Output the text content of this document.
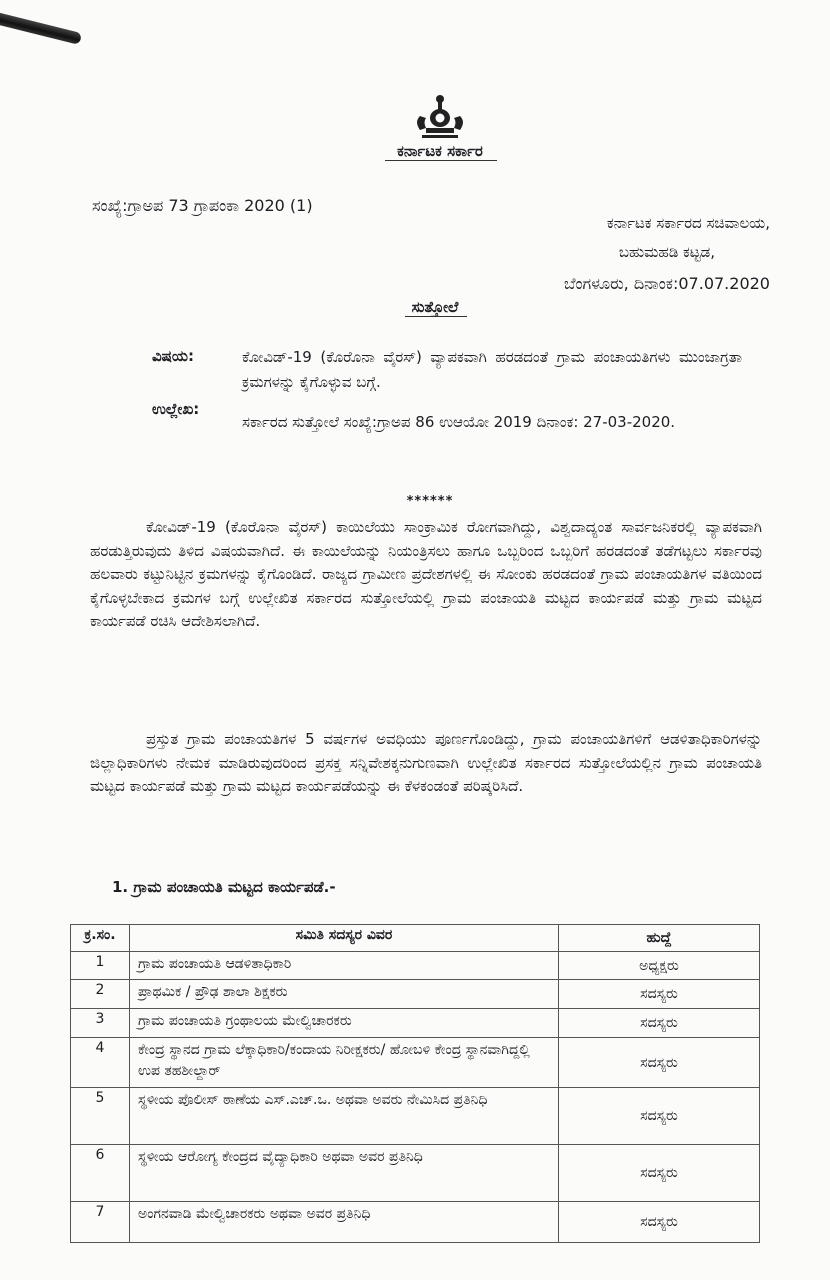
ಕರ್ನಾಟಕ ಸರ್ಕಾರ
ಸಂಖ್ಯೆ:ಗ್ರಾಅಪ 73 ಗ್ರಾಪಂಕಾ 2020 (1)
ಕರ್ನಾಟಕ ಸರ್ಕಾರದ ಸಚಿವಾಲಯ,
ಬಹುಮಹಡಿ ಕಟ್ಟಡ,
ಬೆಂಗಳೂರು, ದಿನಾಂಕ:07.07.2020
ಸುತ್ತೋಲೆ
ವಿಷಯ:	ಕೋವಿಡ್-19 (ಕೊರೊನಾ ವೈರಸ್) ವ್ಯಾಪಕವಾಗಿ ಹರಡದಂತೆ ಗ್ರಾಮ ಪಂಚಾಯತಿಗಳು ಮುಂಜಾಗ್ರತಾ ಕ್ರಮಗಳನ್ನು ಕೈಗೊಳ್ಳುವ ಬಗ್ಗೆ.
ಉಲ್ಲೇಖ:
ಸರ್ಕಾರದ ಸುತ್ತೋಲೆ ಸಂಖ್ಯೆ:ಗ್ರಾಅಪ 86 ಉಆಯೋ 2019 ದಿನಾಂಕ: 27-03-2020.
******
ಕೋವಿಡ್-19 (ಕೊರೊನಾ ವೈರಸ್) ಕಾಯಿಲೆಯು ಸಾಂಕ್ರಾಮಿಕ ರೋಗವಾಗಿದ್ದು, ವಿಶ್ವದಾದ್ಯಂತ ಸಾರ್ವಜನಿಕರಲ್ಲಿ ವ್ಯಾಪಕವಾಗಿ ಹರಡುತ್ತಿರುವುದು ತಿಳಿದ ವಿಷಯವಾಗಿದೆ. ಈ ಕಾಯಿಲೆಯನ್ನು ನಿಯಂತ್ರಿಸಲು ಹಾಗೂ ಒಬ್ಬರಿಂದ ಒಬ್ಬರಿಗೆ ಹರಡದಂತೆ ತಡೆಗಟ್ಟಲು ಸರ್ಕಾರವು ಹಲವಾರು ಕಟ್ಟುನಿಟ್ಟಿನ ಕ್ರಮಗಳನ್ನು ಕೈಗೊಂಡಿದೆ. ರಾಜ್ಯದ ಗ್ರಾಮೀಣ ಪ್ರದೇಶಗಳಲ್ಲಿ ಈ ಸೋಂಕು ಹರಡದಂತೆ ಗ್ರಾಮ ಪಂಚಾಯತಿಗಳ ವತಿಯಿಂದ ಕೈಗೊಳ್ಳಬೇಕಾದ ಕ್ರಮಗಳ ಬಗ್ಗೆ ಉಲ್ಲೇಖಿತ ಸರ್ಕಾರದ ಸುತ್ತೋಲೆಯಲ್ಲಿ ಗ್ರಾಮ ಪಂಚಾಯತಿ ಮಟ್ಟದ ಕಾರ್ಯಪಡೆ ಮತ್ತು ಗ್ರಾಮ ಮಟ್ಟದ ಕಾರ್ಯಪಡೆ ರಚಿಸಿ ಆದೇಶಿಸಲಾಗಿದೆ.
ಪ್ರಸ್ತುತ ಗ್ರಾಮ ಪಂಚಾಯತಿಗಳ 5 ವರ್ಷಗಳ ಅವಧಿಯು ಪೂರ್ಣಗೊಂಡಿದ್ದು, ಗ್ರಾಮ ಪಂಚಾಯತಿಗಳಿಗೆ ಆಡಳಿತಾಧಿಕಾರಿಗಳನ್ನು ಜಿಲ್ಲಾಧಿಕಾರಿಗಳು ನೇಮಕ ಮಾಡಿರುವುದರಿಂದ ಪ್ರಸಕ್ತ ಸನ್ನಿವೇಶಕ್ಕನುಗುಣವಾಗಿ ಉಲ್ಲೇಖಿತ ಸರ್ಕಾರದ ಸುತ್ತೋಲೆಯಲ್ಲಿನ ಗ್ರಾಮ ಪಂಚಾಯತಿ ಮಟ್ಟದ ಕಾರ್ಯಪಡೆ ಮತ್ತು ಗ್ರಾಮ ಮಟ್ಟದ ಕಾರ್ಯಪಡೆಯನ್ನು ಈ ಕೆಳಕಂಡಂತೆ ಪರಿಷ್ಕರಿಸಿದೆ.
1. ಗ್ರಾಮ ಪಂಚಾಯತಿ ಮಟ್ಟದ ಕಾರ್ಯಪಡೆ.-
ಕ್ರ.ಸಂ.	ಸಮಿತಿ ಸದಸ್ಯರ ವಿವರ	ಹುದ್ದೆ
1	ಗ್ರಾಮ ಪಂಚಾಯತಿ ಆಡಳಿತಾಧಿಕಾರಿ	ಅಧ್ಯಕ್ಷರು
2	ಪ್ರಾಥಮಿಕ / ಪ್ರೌಢ ಶಾಲಾ ಶಿಕ್ಷಕರು	ಸದಸ್ಯರು
3	ಗ್ರಾಮ ಪಂಚಾಯತಿ ಗ್ರಂಥಾಲಯ ಮೇಲ್ವಿಚಾರಕರು	ಸದಸ್ಯರು
4	ಕೇಂದ್ರ ಸ್ಥಾನದ ಗ್ರಾಮ ಲೆಕ್ಕಾಧಿಕಾರಿ/ಕಂದಾಯ ನಿರೀಕ್ಷಕರು/ ಹೋಬಳಿ ಕೇಂದ್ರ ಸ್ಥಾನವಾಗಿದ್ದಲ್ಲಿ ಉಪ ತಹಶೀಲ್ದಾರ್	ಸದಸ್ಯರು
5	ಸ್ಥಳೀಯ ಪೊಲೀಸ್ ಠಾಣೆಯ ಎಸ್.ಎಚ್.ಒ. ಅಥವಾ ಅವರು ನೇಮಿಸಿದ ಪ್ರತಿನಿಧಿ	ಸದಸ್ಯರು
6	ಸ್ಥಳೀಯ ಆರೋಗ್ಯ ಕೇಂದ್ರದ ವೈದ್ಯಾಧಿಕಾರಿ ಅಥವಾ ಅವರ ಪ್ರತಿನಿಧಿ	ಸದಸ್ಯರು
7	ಅಂಗನವಾಡಿ ಮೇಲ್ವಿಚಾರಕರು ಅಥವಾ ಅವರ ಪ್ರತಿನಿಧಿ	ಸದಸ್ಯರು
